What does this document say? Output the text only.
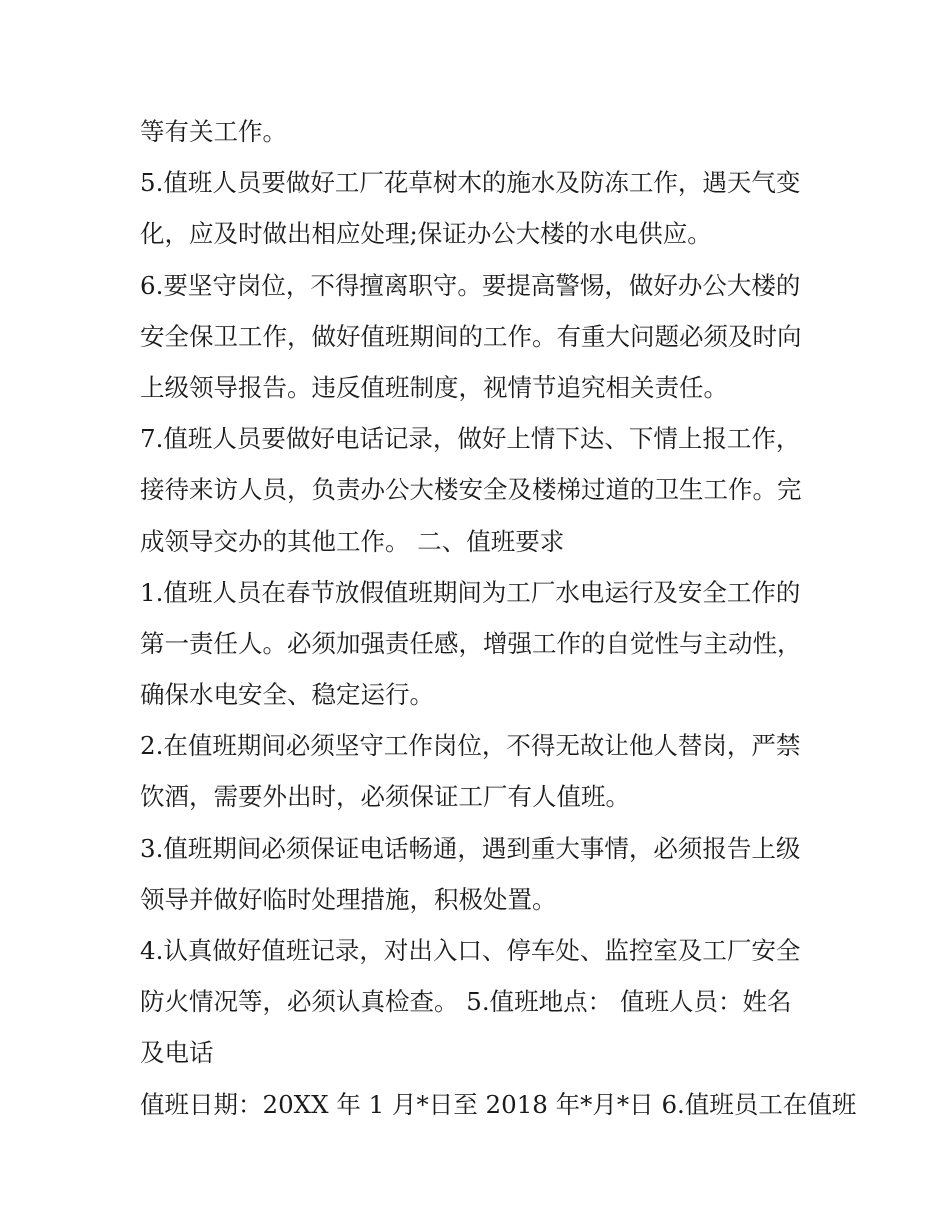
等有关工作。
5.值班人员要做好工厂花草树木的施水及防冻工作，遇天气变
化，应及时做出相应处理;保证办公大楼的水电供应。
6.要坚守岗位，不得擅离职守。要提高警惕，做好办公大楼的
安全保卫工作，做好值班期间的工作。有重大问题必须及时向
上级领导报告。违反值班制度，视情节追究相关责任。
7.值班人员要做好电话记录，做好上情下达、下情上报工作，
接待来访人员，负责办公大楼安全及楼梯过道的卫生工作。完
成领导交办的其他工作。 二、值班要求
1.值班人员在春节放假值班期间为工厂水电运行及安全工作的
第一责任人。必须加强责任感，增强工作的自觉性与主动性，
确保水电安全、稳定运行。
2.在值班期间必须坚守工作岗位，不得无故让他人替岗，严禁
饮酒，需要外出时，必须保证工厂有人值班。
3.值班期间必须保证电话畅通，遇到重大事情，必须报告上级
领导并做好临时处理措施，积极处置。
4.认真做好值班记录，对出入口、停车处、监控室及工厂安全
防火情况等，必须认真检查。 5.值班地点： 值班人员：姓名
及电话
值班日期：20XX 年 1 月*日至 2018 年*月*日 6.值班员工在值班
